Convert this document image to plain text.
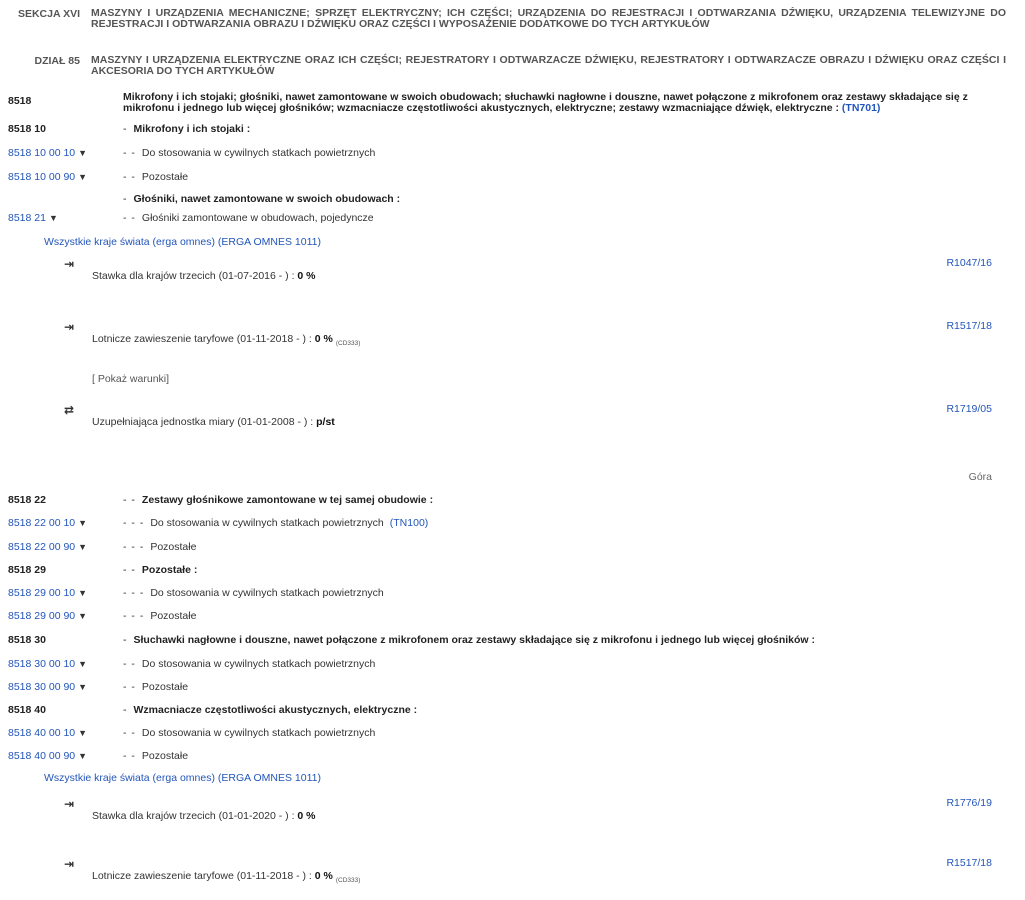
SEKCJA XVI MASZYNY I URZĄDZENIA MECHANICZNE; SPRZĘT ELEKTRYCZNY; ICH CZĘŚCI; URZĄDZENIA DO REJESTRACJI I ODTWARZANIA DŹWIĘKU, URZĄDZENIA TELEWIZYJNE DO REJESTRACJI I ODTWARZANIA OBRAZU I DŹWIĘKU ORAZ CZĘŚCI I WYPOSAŻENIE DODATKOWE DO TYCH ARTYKUŁÓW
DZIAŁ 85 MASZYNY I URZĄDZENIA ELEKTRYCZNE ORAZ ICH CZĘŚCI; REJESTRATORY I ODTWARZACZE DŹWIĘKU, REJESTRATORY I ODTWARZACZE OBRAZU I DŹWIĘKU ORAZ CZĘŚCI I AKCESORIA DO TYCH ARTYKUŁÓW
8518	Mikrofony i ich stojaki; głośniki, nawet zamontowane w swoich obudowach; słuchawki nagłowne i douszne, nawet połączone z mikrofonem oraz zestawy składające się z mikrofonu i jednego lub więcej głośników; wzmacniacze częstotliwości akustycznych, elektryczne; zestawy wzmacniające dźwięk, elektryczne : (TN701)
8518 10	- Mikrofony i ich stojaki :
8518 10 00 10 ▼	- - Do stosowania w cywilnych statkach powietrznych
8518 10 00 90 ▼	- - Pozostałe
- Głośniki, nawet zamontowane w swoich obudowach :
8518 21 ▼	- - Głośniki zamontowane w obudowach, pojedyncze
Wszystkie kraje świata (erga omnes) (ERGA OMNES 1011)
⇥
Stawka dla krajów trzecich (01-07-2016 - ) : 0 %
R1047/16
⇥
Lotnicze zawieszenie taryfowe (01-11-2018 - ) : 0 % $_{(CD333)}$
R1517/18
⇄
Uzupełniająca jednostka miary (01-01-2008 - ) : p/st
R1719/05
[ Pokaż warunki]
Góra
8518 22	- - Zestawy głośnikowe zamontowane w tej samej obudowie :
8518 22 00 10 ▼	- - - Do stosowania w cywilnych statkach powietrznych (TN100)
8518 22 00 90 ▼	- - - Pozostałe
8518 29	- - Pozostałe :
8518 29 00 10 ▼	- - - Do stosowania w cywilnych statkach powietrznych
8518 29 00 90 ▼	- - - Pozostałe
8518 30	- Słuchawki nagłowne i douszne, nawet połączone z mikrofonem oraz zestawy składające się z mikrofonu i jednego lub więcej głośników :
8518 30 00 10 ▼	- - Do stosowania w cywilnych statkach powietrznych
8518 30 00 90 ▼	- - Pozostałe
8518 40	- Wzmacniacze częstotliwości akustycznych, elektryczne :
8518 40 00 10 ▼	- - Do stosowania w cywilnych statkach powietrznych
8518 40 00 90 ▼	- - Pozostałe
Wszystkie kraje świata (erga omnes) (ERGA OMNES 1011)
⇥
Stawka dla krajów trzecich (01-01-2020 - ) : 0 %
R1776/19
⇥
Lotnicze zawieszenie taryfowe (01-11-2018 - ) : 0 % $_{(CD333)}$
R1517/18
